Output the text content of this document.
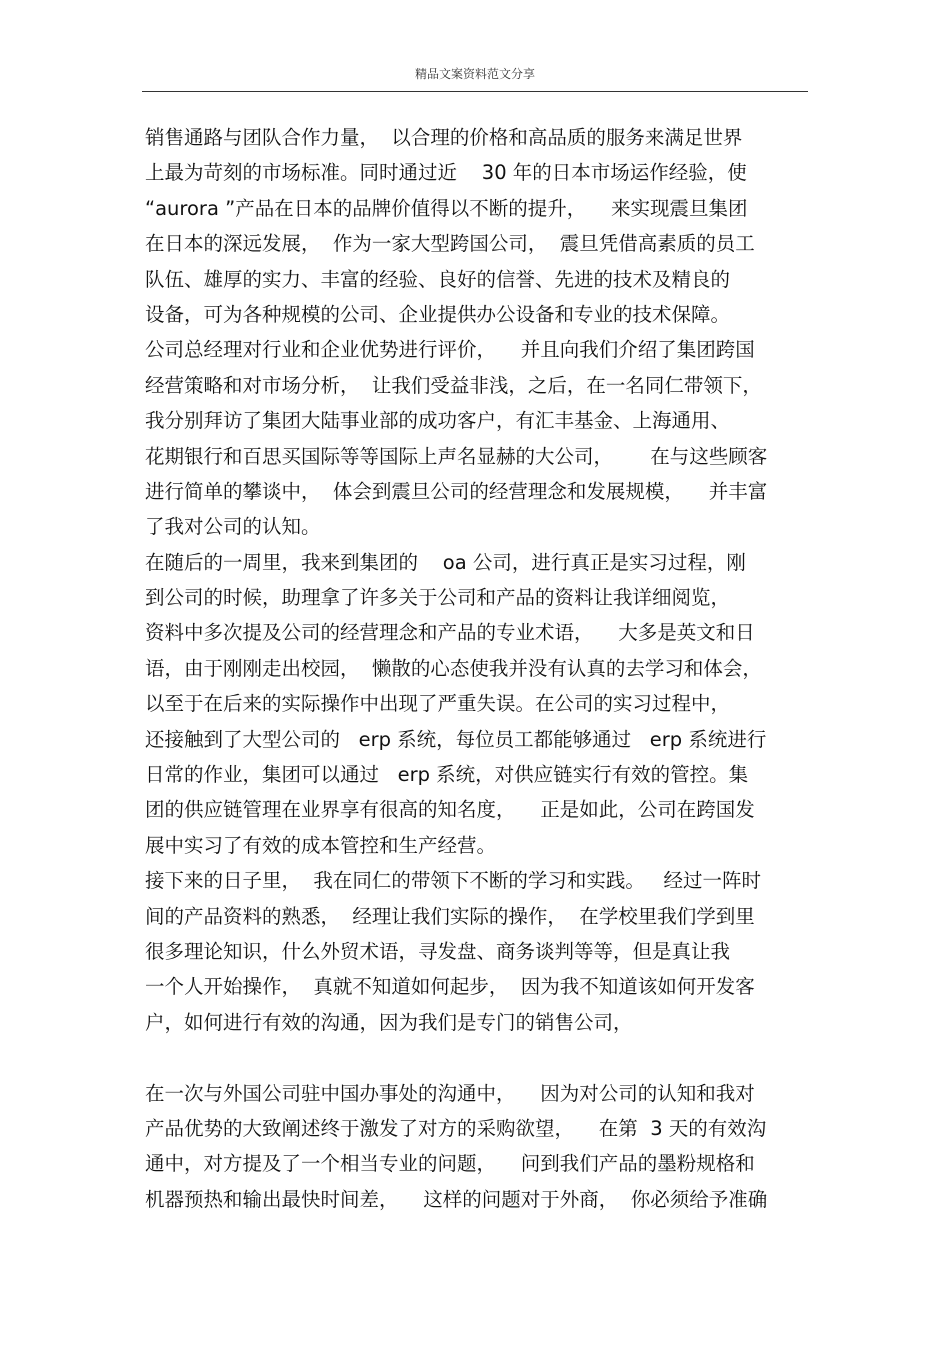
精品文案资料范文分享
销售通路与团队合作力量，  以合理的价格和高品质的服务来满足世界
上最为苛刻的市场标准。同时通过近    30 年的日本市场运作经验，使
“aurora ”产品在日本的品牌价值得以不断的提升，    来实现震旦集团
在日本的深远发展，  作为一家大型跨国公司，  震旦凭借高素质的员工
队伍、雄厚的实力、丰富的经验、良好的信誉、先进的技术及精良的
设备，可为各种规模的公司、企业提供办公设备和专业的技术保障。
公司总经理对行业和企业优势进行评价，    并且向我们介绍了集团跨国
经营策略和对市场分析，  让我们受益非浅，之后，在一名同仁带领下，
我分别拜访了集团大陆事业部的成功客户，有汇丰基金、上海通用、
花期银行和百思买国际等等国际上声名显赫的大公司，      在与这些顾客
进行简单的攀谈中，  体会到震旦公司的经营理念和发展规模，    并丰富
了我对公司的认知。
在随后的一周里，我来到集团的    oa 公司，进行真正是实习过程，刚
到公司的时候，助理拿了许多关于公司和产品的资料让我详细阅览，
资料中多次提及公司的经营理念和产品的专业术语，    大多是英文和日
语，由于刚刚走出校园，  懒散的心态使我并没有认真的去学习和体会，
以至于在后来的实际操作中出现了严重失误。在公司的实习过程中，
还接触到了大型公司的   erp 系统，每位员工都能够通过   erp 系统进行
日常的作业，集团可以通过   erp 系统，对供应链实行有效的管控。集
团的供应链管理在业界享有很高的知名度，    正是如此，公司在跨国发
展中实习了有效的成本管控和生产经营。
接下来的日子里，  我在同仁的带领下不断的学习和实践。   经过一阵时
间的产品资料的熟悉，  经理让我们实际的操作，  在学校里我们学到里
很多理论知识，什么外贸术语，寻发盘、商务谈判等等，但是真让我
一个人开始操作，  真就不知道如何起步，  因为我不知道该如何开发客
户，如何进行有效的沟通，因为我们是专门的销售公司，
在一次与外国公司驻中国办事处的沟通中，    因为对公司的认知和我对
产品优势的大致阐述终于激发了对方的采购欲望，    在第  3 天的有效沟
通中，对方提及了一个相当专业的问题，    问到我们产品的墨粉规格和
机器预热和输出最快时间差，    这样的问题对于外商，  你必须给予准确
